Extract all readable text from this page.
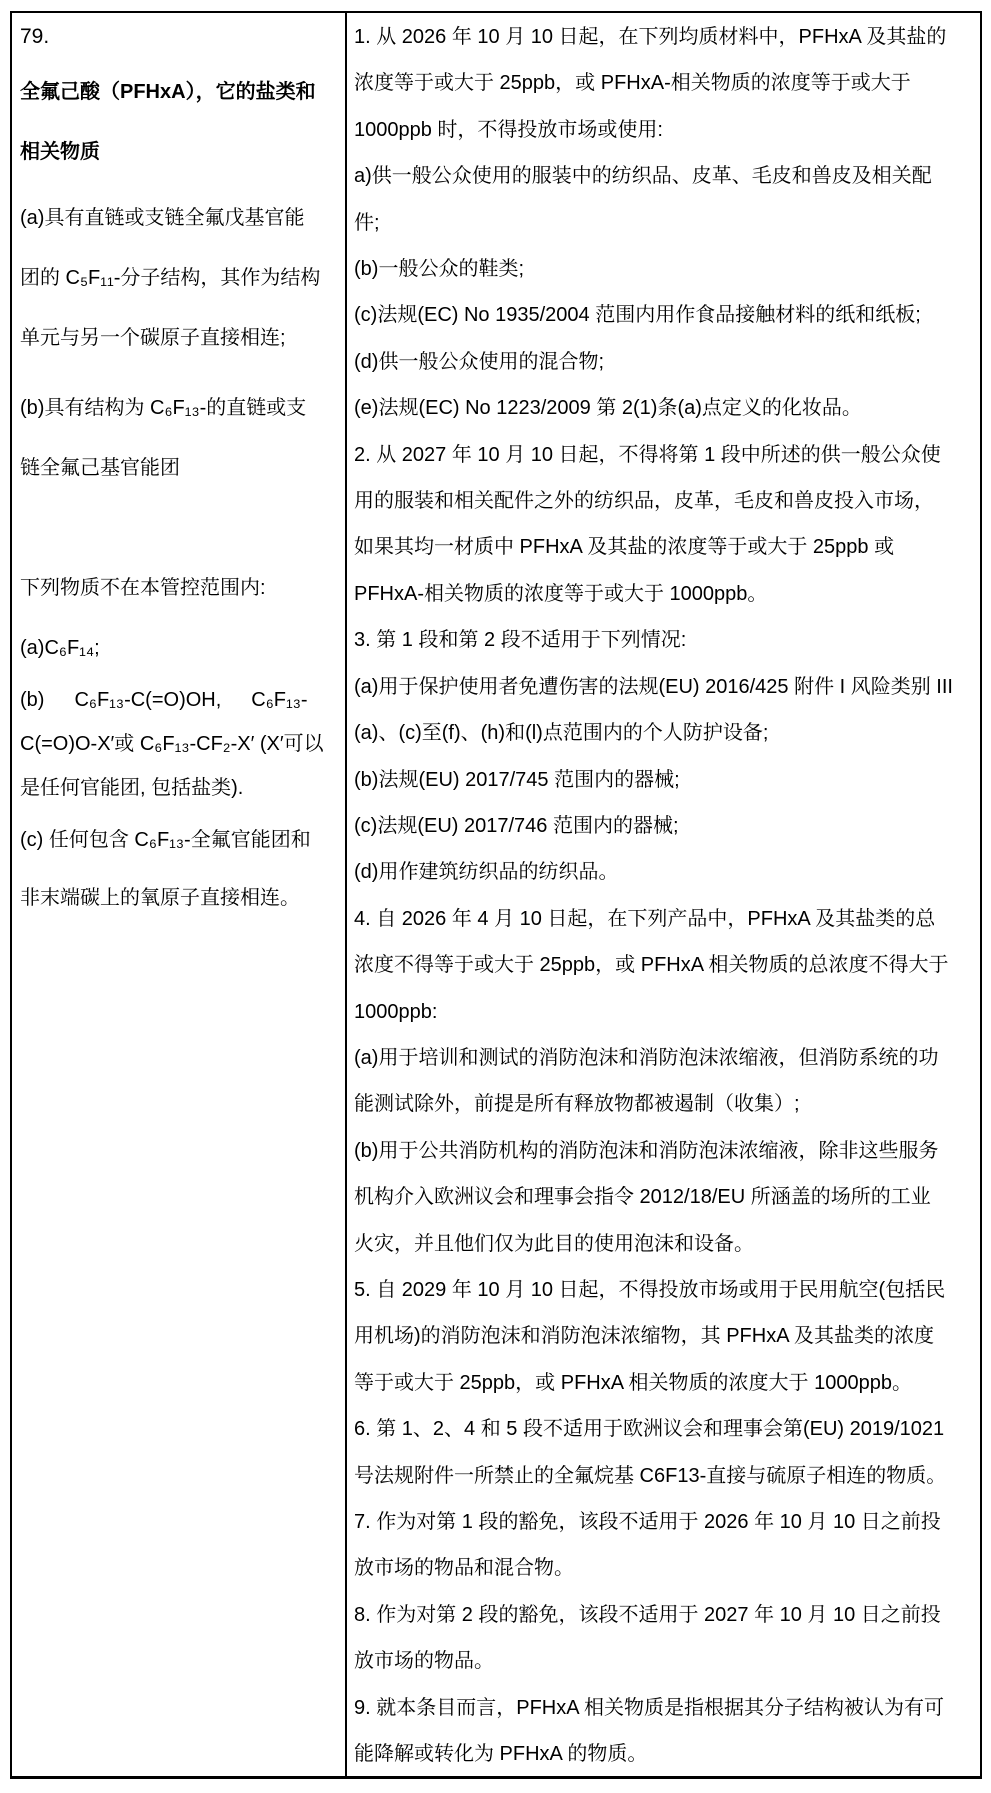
79.
全氟己酸（PFHxA），它的盐类和
相关物质
(a)具有直链或支链全氟戊基官能
团的 C₅F₁₁-分子结构，其作为结构
单元与另一个碳原子直接相连;
(b)具有结构为 C₆F₁₃-的直链或支
链全氟己基官能团
下列物质不在本管控范围内:
(a)C₆F₁₄;
(b)  C₆F₁₃-C(=O)OH,  C₆F₁₃-
C(=O)O-X′或 C₆F₁₃-CF₂-X′ (X′可以
是任何官能团, 包括盐类).
(c) 任何包含 C₆F₁₃-全氟官能团和
非末端碳上的氧原子直接相连。
1. 从 2026 年 10 月 10 日起，在下列均质材料中，PFHxA 及其盐的
浓度等于或大于 25ppb，或 PFHxA-相关物质的浓度等于或大于
1000ppb 时，不得投放市场或使用:
a)供一般公众使用的服装中的纺织品、皮革、毛皮和兽皮及相关配
件;
(b)一般公众的鞋类;
(c)法规(EC) No 1935/2004 范围内用作食品接触材料的纸和纸板;
(d)供一般公众使用的混合物;
(e)法规(EC) No 1223/2009 第 2(1)条(a)点定义的化妆品。
2. 从 2027 年 10 月 10 日起，不得将第 1 段中所述的供一般公众使
用的服装和相关配件之外的纺织品，皮革，毛皮和兽皮投入市场，
如果其均一材质中 PFHxA 及其盐的浓度等于或大于 25ppb 或
PFHxA-相关物质的浓度等于或大于 1000ppb。
3. 第 1 段和第 2 段不适用于下列情况:
(a)用于保护使用者免遭伤害的法规(EU) 2016/425 附件 I 风险类别 III
(a)、(c)至(f)、(h)和(l)点范围内的个人防护设备;
(b)法规(EU) 2017/745 范围内的器械;
(c)法规(EU) 2017/746 范围内的器械;
(d)用作建筑纺织品的纺织品。
4. 自 2026 年 4 月 10 日起，在下列产品中，PFHxA 及其盐类的总
浓度不得等于或大于 25ppb，或 PFHxA 相关物质的总浓度不得大于
1000ppb:
(a)用于培训和测试的消防泡沫和消防泡沫浓缩液，但消防系统的功
能测试除外，前提是所有释放物都被遏制（收集）;
(b)用于公共消防机构的消防泡沫和消防泡沫浓缩液，除非这些服务
机构介入欧洲议会和理事会指令 2012/18/EU 所涵盖的场所的工业
火灾，并且他们仅为此目的使用泡沫和设备。
5. 自 2029 年 10 月 10 日起，不得投放市场或用于民用航空(包括民
用机场)的消防泡沫和消防泡沫浓缩物，其 PFHxA 及其盐类的浓度
等于或大于 25ppb，或 PFHxA 相关物质的浓度大于 1000ppb。
6. 第 1、2、4 和 5 段不适用于欧洲议会和理事会第(EU) 2019/1021
号法规附件一所禁止的全氟烷基 C6F13-直接与硫原子相连的物质。
7. 作为对第 1 段的豁免，该段不适用于 2026 年 10 月 10 日之前投
放市场的物品和混合物。
8. 作为对第 2 段的豁免，该段不适用于 2027 年 10 月 10 日之前投
放市场的物品。
9. 就本条目而言，PFHxA 相关物质是指根据其分子结构被认为有可
能降解或转化为 PFHxA 的物质。
